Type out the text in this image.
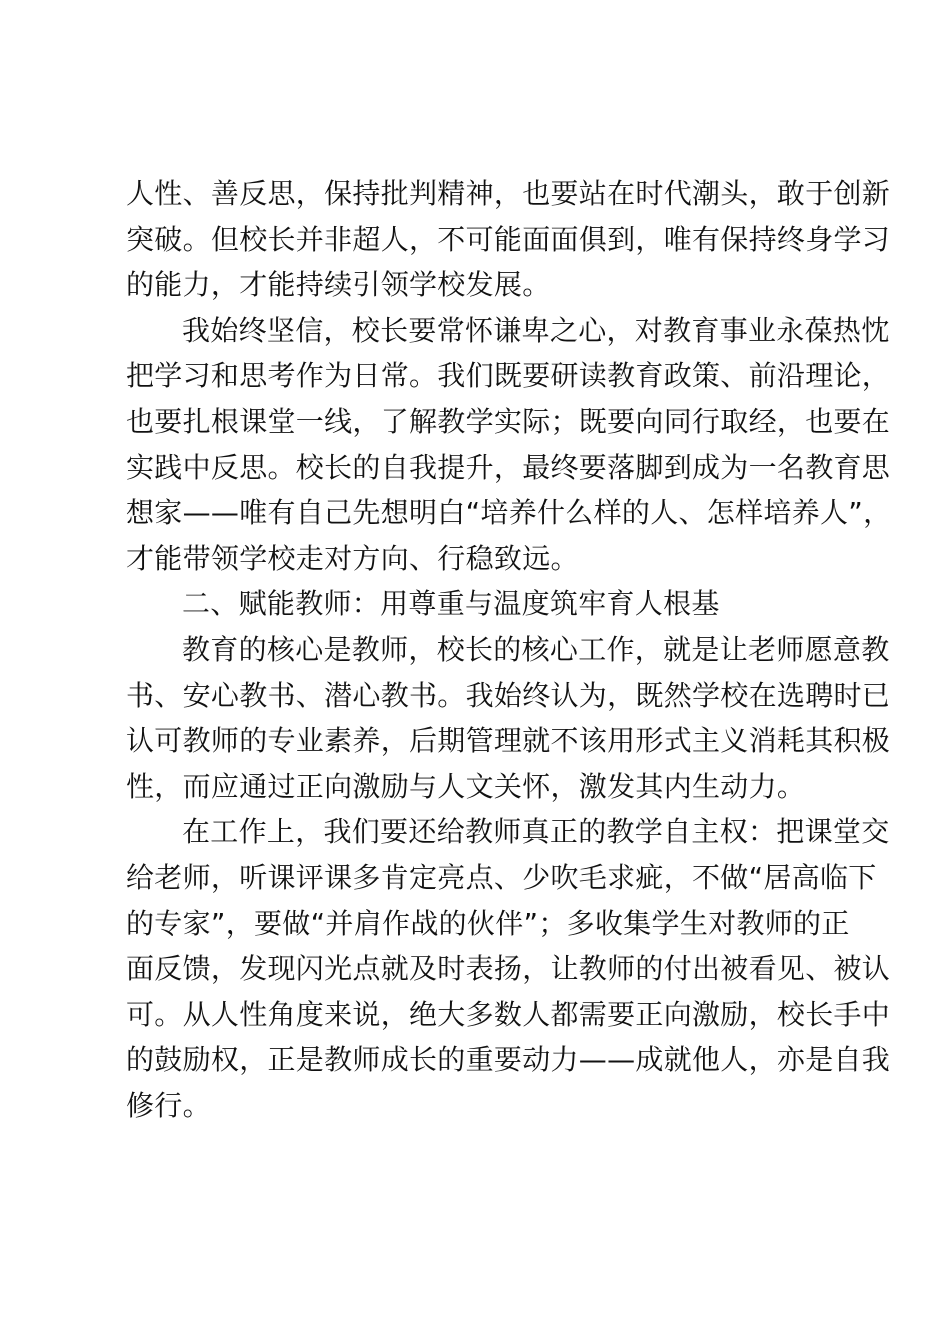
人性、善反思，保持批判精神，也要站在时代潮头，敢于创新
突破。但校长并非超人，不可能面面俱到，唯有保持终身学习
的能力，才能持续引领学校发展。
我始终坚信，校长要常怀谦卑之心，对教育事业永葆热忱
把学习和思考作为日常。我们既要研读教育政策、前沿理论，
也要扎根课堂一线，了解教学实际；既要向同行取经，也要在
实践中反思。校长的自我提升，最终要落脚到成为一名教育思
想家——唯有自己先想明白“培养什么样的人、怎样培养人”，
才能带领学校走对方向、行稳致远。
二、赋能教师：用尊重与温度筑牢育人根基
教育的核心是教师，校长的核心工作，就是让老师愿意教
书、安心教书、潜心教书。我始终认为，既然学校在选聘时已
认可教师的专业素养，后期管理就不该用形式主义消耗其积极
性，而应通过正向激励与人文关怀，激发其内生动力。
在工作上，我们要还给教师真正的教学自主权：把课堂交
给老师，听课评课多肯定亮点、少吹毛求疵，不做“居高临下
的专家”，要做“并肩作战的伙伴”；多收集学生对教师的正
面反馈，发现闪光点就及时表扬，让教师的付出被看见、被认
可。从人性角度来说，绝大多数人都需要正向激励，校长手中
的鼓励权，正是教师成长的重要动力——成就他人，亦是自我
修行。
